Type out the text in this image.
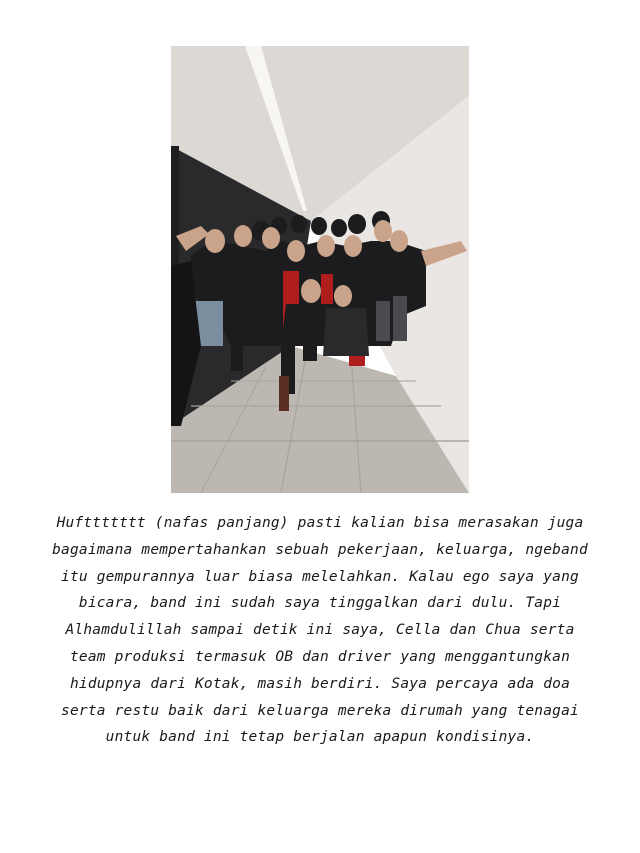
Hufttttttt (nafas panjang) pasti kalian bisa merasakan juga bagaimana mempertahankan sebuah pekerjaan, keluarga, ngeband itu gempurannya luar biasa melelahkan. Kalau ego saya yang bicara, band ini sudah saya tinggalkan dari dulu. Tapi Alhamdulillah sampai detik ini saya, Cella dan Chua serta team produksi termasuk OB dan driver yang menggantungkan hidupnya dari Kotak, masih berdiri. Saya percaya ada doa serta restu baik dari keluarga mereka dirumah yang tenagai untuk band ini tetap berjalan apapun kondisinya.
